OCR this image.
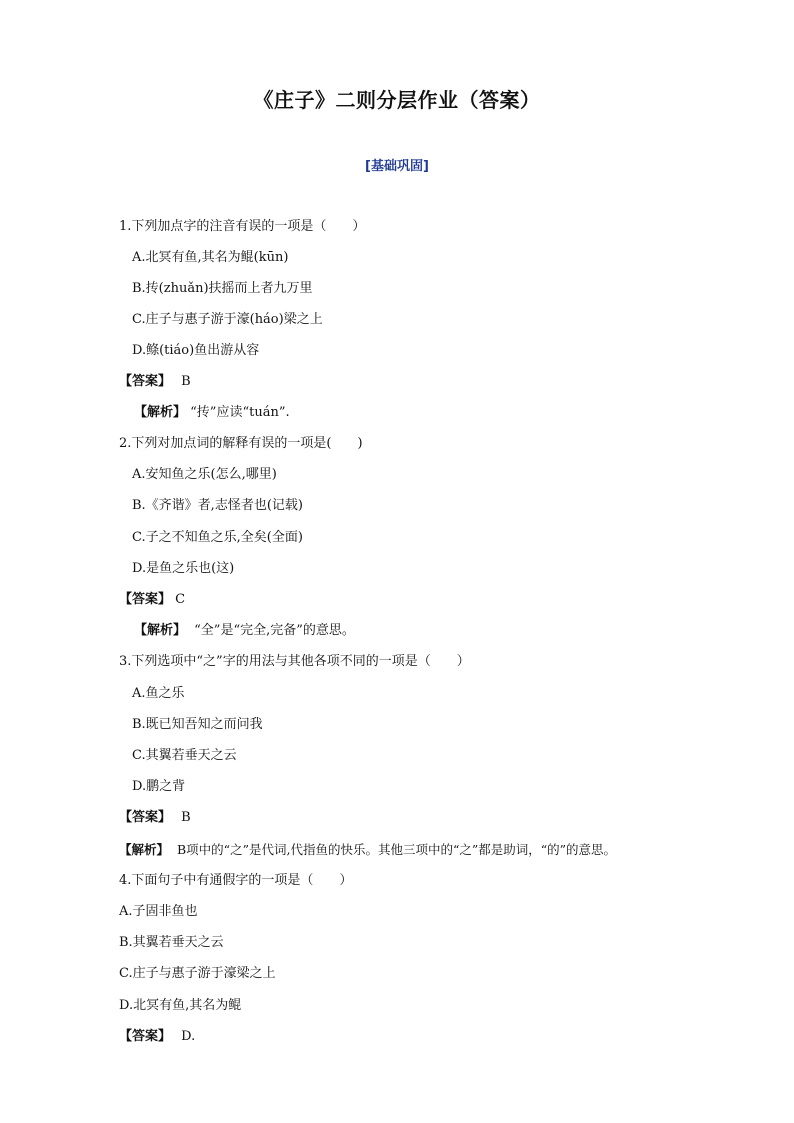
《庄子》二则分层作业（答案）
[基础巩固]
1.下列加点字的注音有误的一项是（　　）
A.北冥有鱼,其名为鲲(kūn)
B.抟(zhuǎn)扶摇而上者九万里
C.庄子与惠子游于濠(háo)梁之上
D.鲦(tiáo)鱼出游从容
【答案】 B
【解析】 “抟”应读“tuán”.
2.下列对加点词的解释有误的一项是(　　)
A.安知鱼之乐(怎么,哪里)
B.《齐谐》者,志怪者也(记载)
C.子之不知鱼之乐,全矣(全面)
D.是鱼之乐也(这)
【答案】 C
【解析】 “全”是“完全,完备”的意思。
3.下列选项中“之”字的用法与其他各项不同的一项是（　　）
A.鱼之乐
B.既已知吾知之而问我
C.其翼若垂天之云
D.鹏之背
【答案】 B
【解析】 B项中的“之”是代词,代指鱼的快乐。其他三项中的“之”都是助词，“的”的意思。
4.下面句子中有通假字的一项是（　　）
A.子固非鱼也
B.其翼若垂天之云
C.庄子与惠子游于濠梁之上
D.北冥有鱼,其名为鲲
【答案】 D.
